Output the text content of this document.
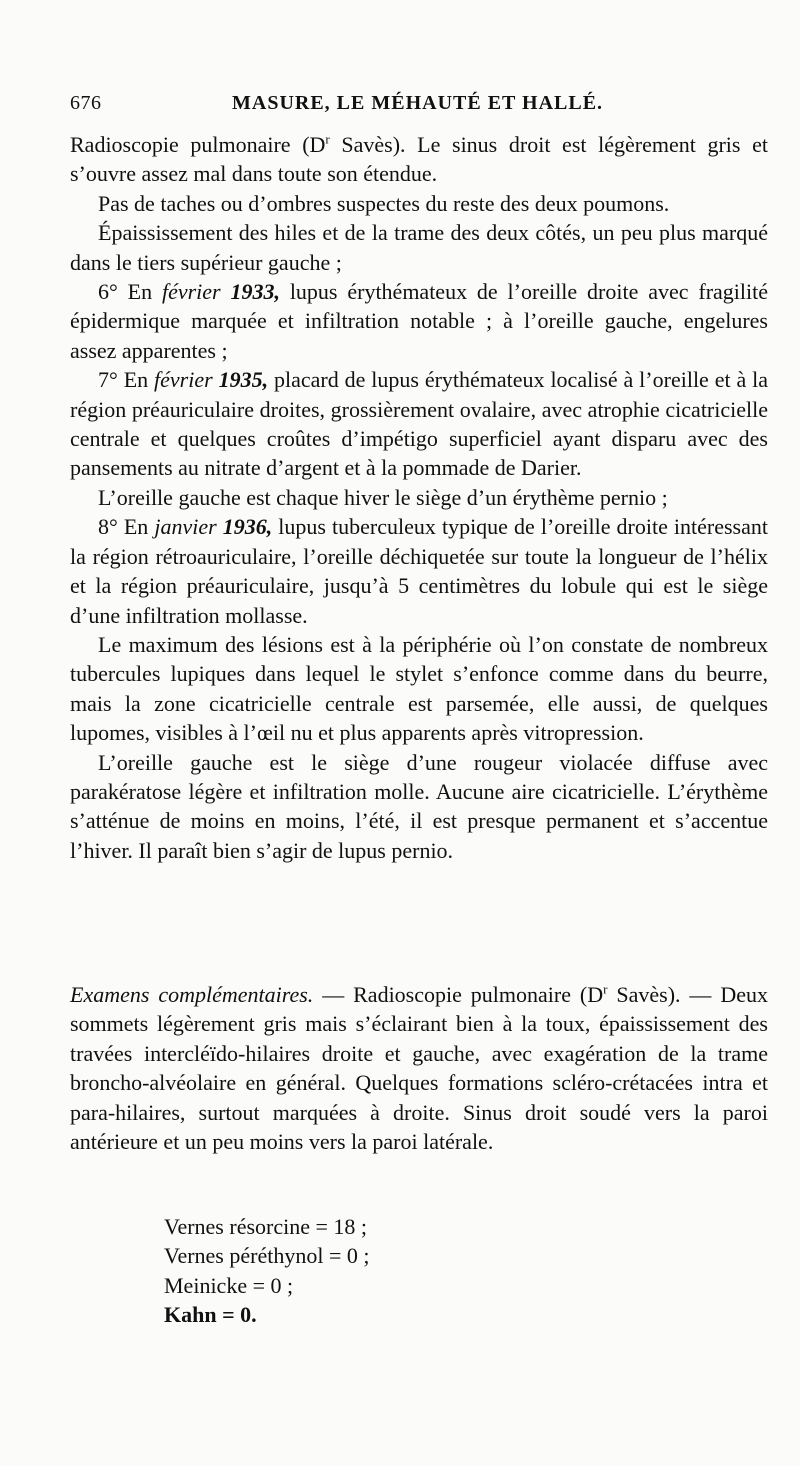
676	MASURE, LE MÉHAUTÉ ET HALLÉ.

Radioscopie pulmonaire ($D^r$ Savès). Le sinus droit est légèrement gris et s’ouvre assez mal dans toute son étendue.

Pas de taches ou d’ombres suspectes du reste des deux poumons.

Épaississement des hiles et de la trame des deux côtés, un peu plus marqué dans le tiers supérieur gauche ;

6° En février 1933, lupus érythémateux de l’oreille droite avec fragilité épidermique marquée et infiltration notable ; à l’oreille gauche, engelures assez apparentes ;

7° En février 1935, placard de lupus érythémateux localisé à l’oreille et à la région préauriculaire droites, grossièrement ovalaire, avec atrophie cicatricielle centrale et quelques croûtes d’impétigo superficiel ayant disparu avec des pansements au nitrate d’argent et à la pommade de Darier.

L’oreille gauche est chaque hiver le siège d’un érythème pernio ;

8° En janvier 1936, lupus tuberculeux typique de l’oreille droite intéressant la région rétroauriculaire, l’oreille déchiquetée sur toute la longueur de l’hélix et la région préauriculaire, jusqu’à 5 centimètres du lobule qui est le siège d’une infiltration mollasse.

Le maximum des lésions est à la périphérie où l’on constate de nombreux tubercules lupiques dans lequel le stylet s’enfonce comme dans du beurre, mais la zone cicatricielle centrale est parsemée, elle aussi, de quelques lupomes, visibles à l’œil nu et plus apparents après vitropression.

L’oreille gauche est le siège d’une rougeur violacée diffuse avec parakératose légère et infiltration molle. Aucune aire cicatricielle. L’érythème s’atténue de moins en moins, l’été, il est presque permanent et s’accentue l’hiver. Il paraît bien s’agir de lupus pernio.

Examens complémentaires. — Radioscopie pulmonaire ($D^r$ Savès). — Deux sommets légèrement gris mais s’éclairant bien à la toux, épaississement des travées intercléïdo-hilaires droite et gauche, avec exagération de la trame broncho-alvéolaire en général. Quelques formations scléro-crétacées intra et para-hilaires, surtout marquées à droite. Sinus droit soudé vers la paroi antérieure et un peu moins vers la paroi latérale.

Vernes résorcine = 18 ;
Vernes péréthynol = 0 ;
Meinicke = 0 ;
Kahn = 0.
